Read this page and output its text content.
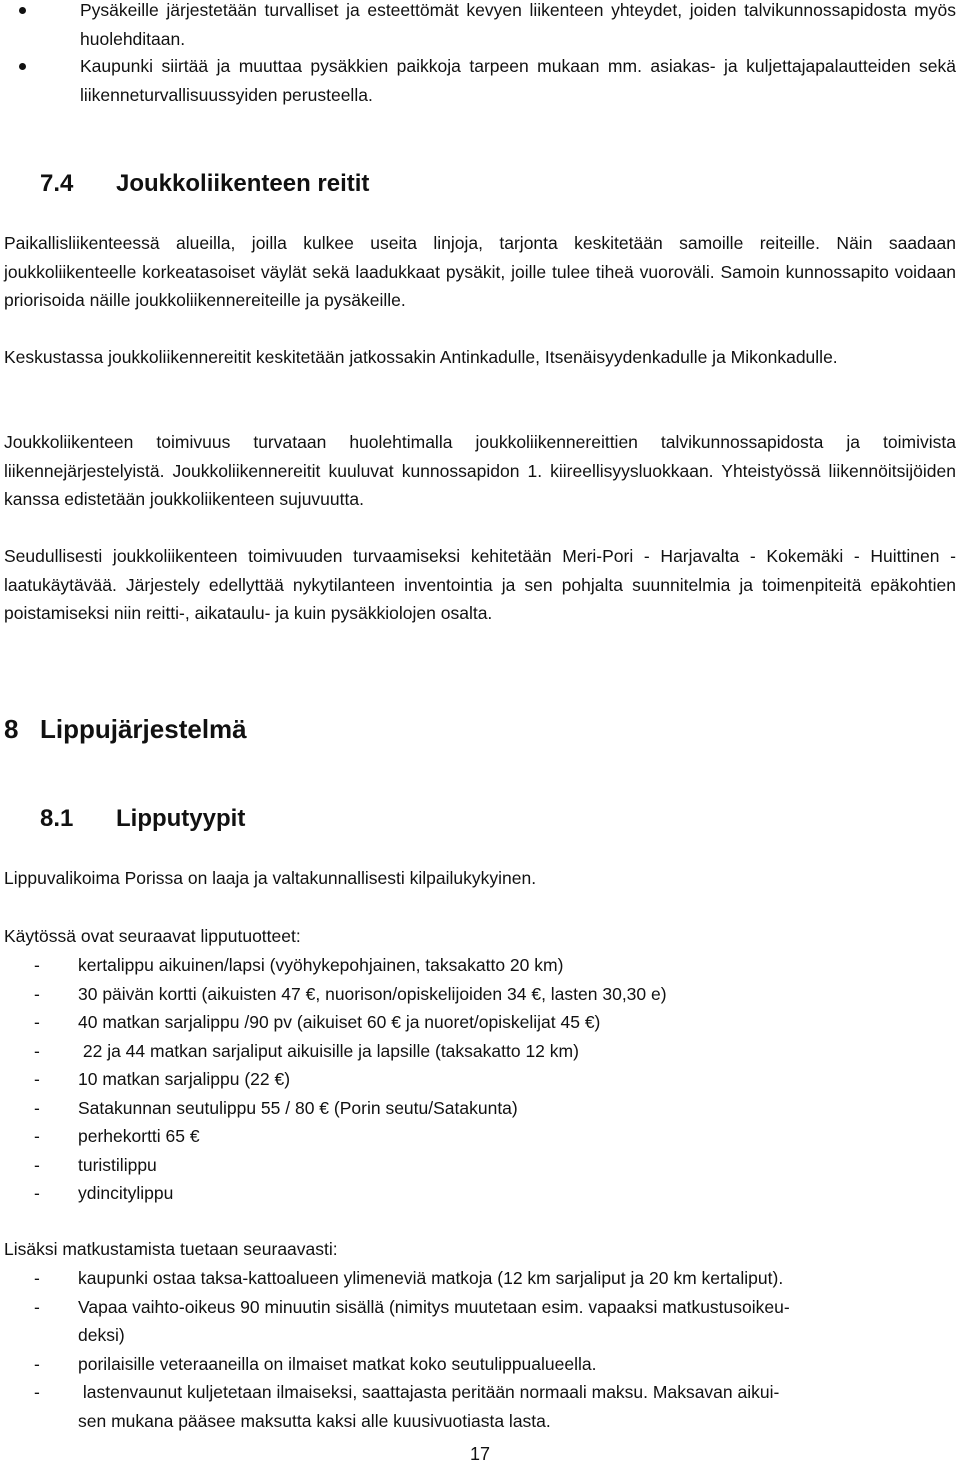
Pysäkeille järjestetään turvalliset ja esteettömät kevyen liikenteen yhteydet, joiden talvikunnossapidosta myös huolehditaan.
Kaupunki siirtää ja muuttaa pysäkkien paikkoja tarpeen mukaan mm. asiakas- ja kuljettajapalautteiden sekä liikenneturvallisuussyiden perusteella.
7.4 Joukkoliikenteen reitit

Paikallisliikenteessä alueilla, joilla kulkee useita linjoja, tarjonta keskitetään samoille reiteille. Näin saadaan joukkoliikenteelle korkeatasoiset väylät sekä laadukkaat pysäkit, joille tulee tiheä vuoroväli. Samoin kunnossapito voidaan priorisoida näille joukkoliikennereiteille ja pysäkeille.

Keskustassa joukkoliikennereitit keskitetään jatkossakin Antinkadulle, Itsenäisyydenkadulle ja Mikonkadulle.

Joukkoliikenteen toimivuus turvataan huolehtimalla joukkoliikennereittien talvikunnossapidosta ja toimivista liikennejärjestelyistä. Joukkoliikennereitit kuuluvat kunnossapidon 1. kiireellisyysluokkaan. Yhteistyössä liikennöitsijöiden kanssa edistetään joukkoliikenteen sujuvuutta.

Seudullisesti joukkoliikenteen toimivuuden turvaamiseksi kehitetään Meri-Pori - Harjavalta - Kokemäki - Huittinen -laatukäytävää. Järjestely edellyttää nykytilanteen inventointia ja sen pohjalta suunnitelmia ja toimenpiteitä epäkohtien poistamiseksi niin reitti-, aikataulu- ja kuin pysäkkiolojen osalta.

8 Lippujärjestelmä
8.1 Lipputyypit

Lippuvalikoima Porissa on laaja ja valtakunnallisesti kilpailukykyinen.

Käytössä ovat seuraavat lipputuotteet:

- kertalippu aikuinen/lapsi (vyöhykepohjainen, taksakatto 20 km)
- 30 päivän kortti (aikuisten 47 €, nuorison/opiskelijoiden 34 €, lasten 30,30 e)
- 40 matkan sarjalippu /90 pv (aikuiset 60 € ja nuoret/opiskelijat 45 €)
- 22 ja 44 matkan sarjaliput aikuisille ja lapsille (taksakatto 12 km)
- 10 matkan sarjalippu (22 €)
- Satakunnan seutulippu 55 / 80 € (Porin seutu/Satakunta)
- perhekortti 65 €
- turistilippu
- ydincitylippu

Lisäksi matkustamista tuetaan seuraavasti:

- kaupunki ostaa taksa-kattoalueen ylimeneviä matkoja (12 km sarjaliput ja 20 km kertaliput).
- Vapaa vaihto-oikeus 90 minuutin sisällä (nimitys muutetaan esim. vapaaksi matkustusoikeu-
deksi)
- porilaisille veteraaneilla on ilmaiset matkat koko seutulippualueella.
- lastenvaunut kuljetetaan ilmaiseksi, saattajasta peritään normaali maksu. Maksavan aikui-
sen mukana pääsee maksutta kaksi alle kuusivuotiasta lasta.
17
